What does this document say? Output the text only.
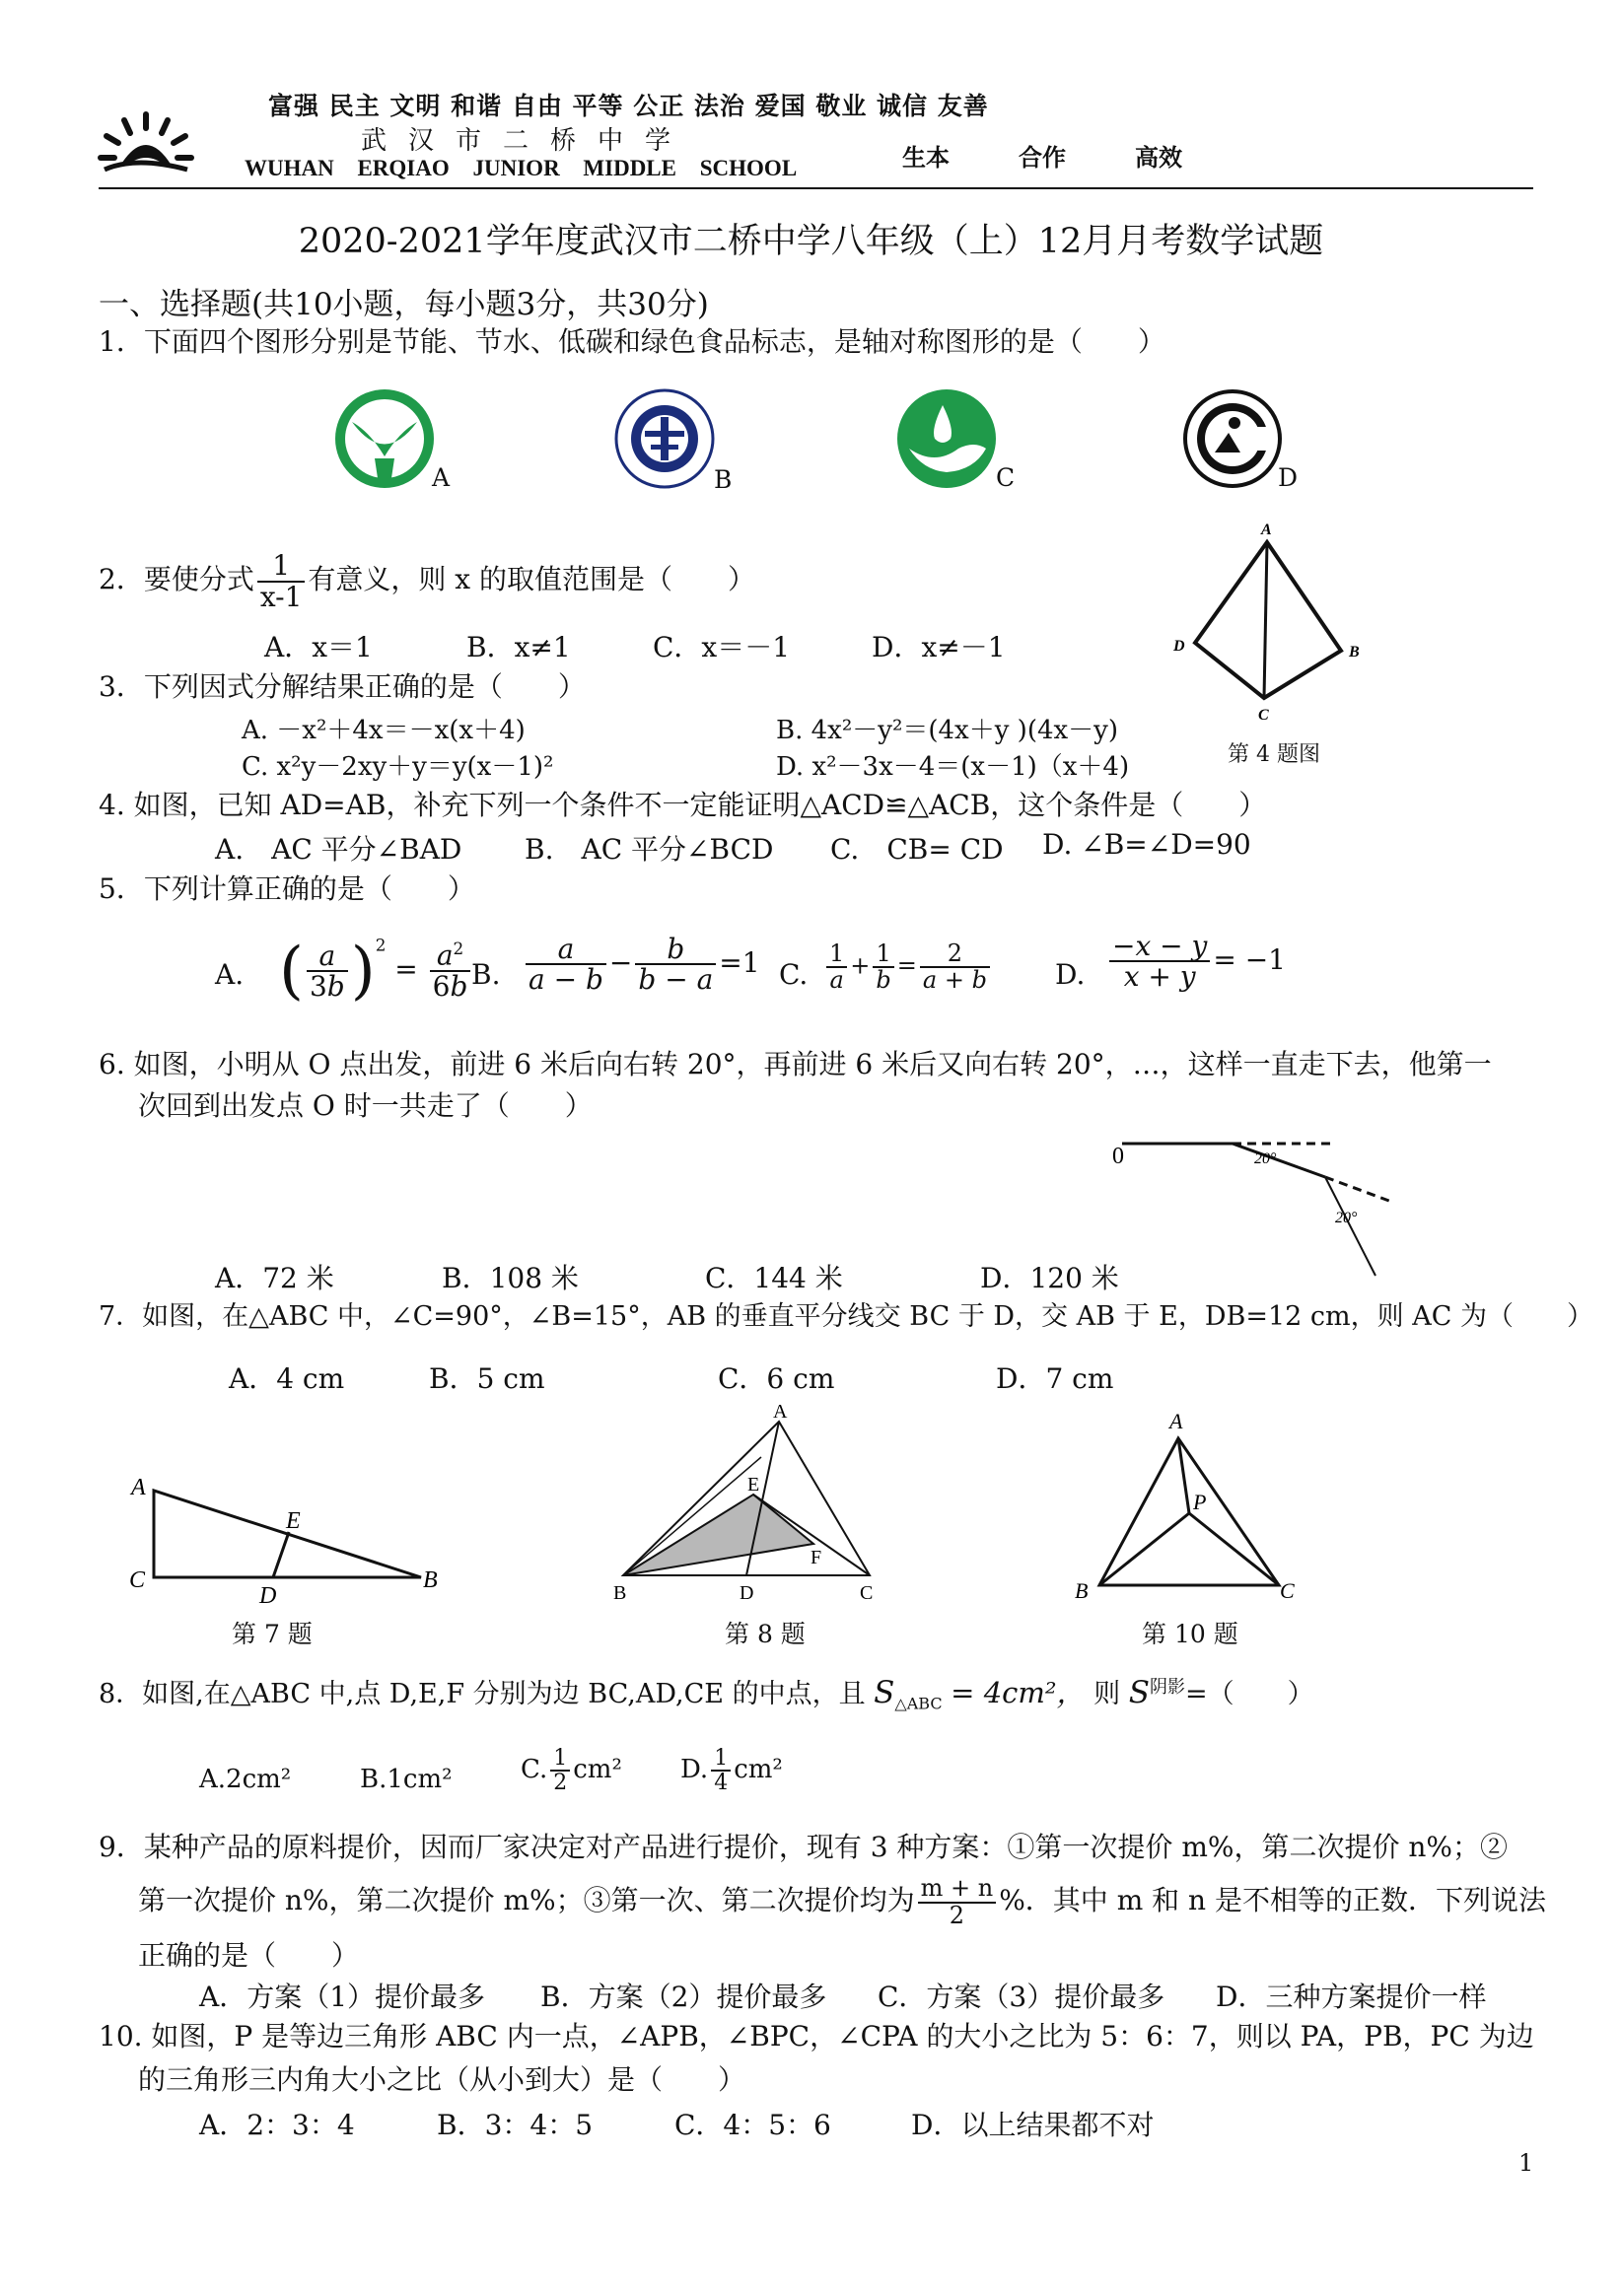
富强 民主 文明 和谐 自由 平等 公正 法治 爱国 敬业 诚信 友善
武汉市二桥中学
WUHAN ERQIAO JUNIOR MIDDLE SCHOOL	生本	合作	高效
2020-2021学年度武汉市二桥中学八年级（上）12月月考数学试题
一、选择题(共10小题，每小题3分，共30分)
1．下面四个图形分别是节能、节水、低碳和绿色食品标志，是轴对称图形的是（　　）
A	B	C	D
2．要使分式 $\frac{1}{x-1}$ 有意义，则 x 的取值范围是（　　）
A．x＝1	B．x≠1	C．x＝－1	D．x≠－1
A
B
C
D
第 4 题图
3．下列因式分解结果正确的是（　　）
A. －x²＋4x＝－x(x＋4)	B. 4x²－y²＝(4x＋y )(4x－y)
C. x²y－2xy＋y＝y(x－1)²	D. x²－3x－4＝(x－1)（x＋4)
4. 如图，已知 AD=AB，补充下列一个条件不一定能证明△ACD≌△ACB，这个条件是（　　）
A.　AC 平分∠BAD B.　AC 平分∠BCD C.　CB= CD D. ∠B=∠D=90
5．下列计算正确的是（　　）
A. ( $\frac{a}{3b} )^2 = \frac{a^2}{6b} B$. $\frac{a}{a - b} - \frac{b}{b - a} =1$ C. $\frac{1}{a} + \frac{1}{b} = \frac{2}{a + b} D$. $\frac{-x - y}{x + y} = -1$
6. 如图，小明从 O 点出发，前进 6 米后向右转 20°，再前进 6 米后又向右转 20°，…，这样一直走下去，他第一
次回到出发点 O 时一共走了（　　）
0	20°
20°
A．72 米	B．108 米	C．144 米	D．120 米
7．如图，在△ABC 中，∠C=90°，∠B=15°，AB 的垂直平分线交 BC 于 D，交 AB 于 E，DB=12 cm，则 AC 为（　　）
A．4 cm	B．5 cm	C．6 cm	D．7 cm
A
E
C
D
B
第 7 题
A
E
F
B	D	C
第 8 题
A
P
B	C
第 10 题
8．如图,在△ABC 中,点 D,E,F 分别为边 BC,AD,CE 的中点，且 $S_{\triangle ABC} = 4cm^2$， 则 $S^{阴影}=$（　　）
A.2cm²	B.1cm²	C. $\frac{1}{2} cm^2$ D. $\frac{1}{4} cm^2$
9．某种产品的原料提价，因而厂家决定对产品进行提价，现有 3 种方案：①第一次提价 m%，第二次提价 n%；②
第一次提价 n%，第二次提价 m%；③第一次、第二次提价均为 $\frac{m + n}{2}$ %．其中 m 和 n 是不相等的正数．下列说法
正确的是（　　）
A．方案（1）提价最多 B．方案（2）提价最多 C．方案（3）提价最多 D．三种方案提价一样
10. 如图，P 是等边三角形 ABC 内一点，∠APB，∠BPC，∠CPA 的大小之比为 5：6：7，则以 PA，PB，PC 为边
的三角形三内角大小之比（从小到大）是（　　）
A．2：3：4	B．3：4：5	C．4：5：6	D．以上结果都不对
1
